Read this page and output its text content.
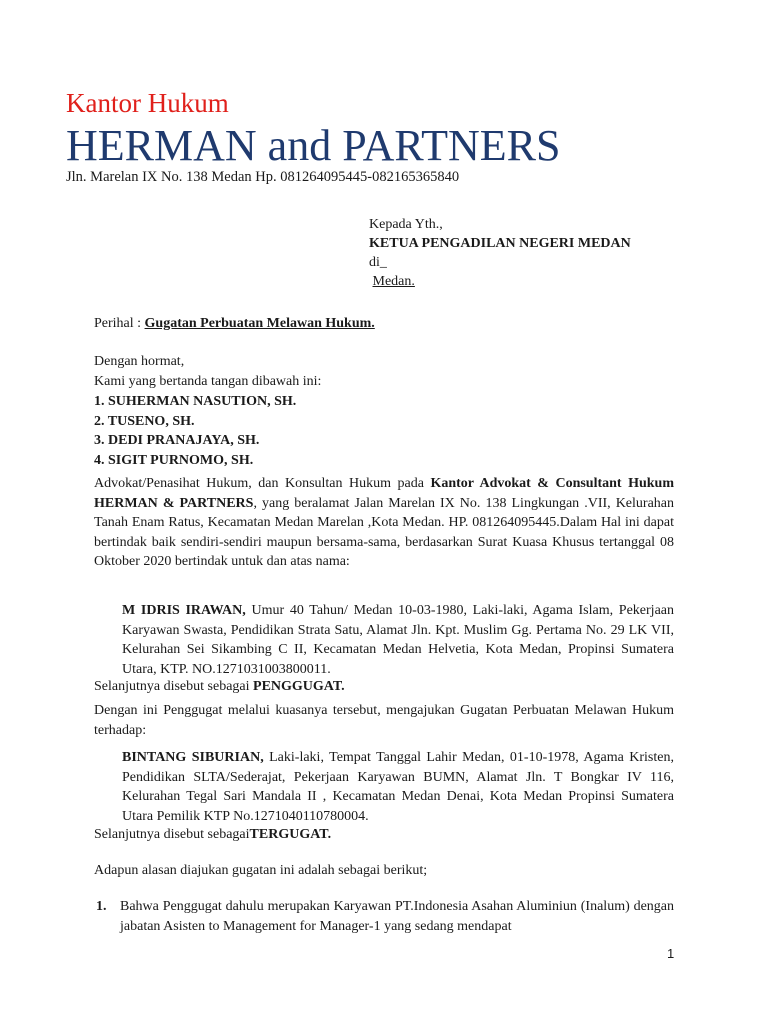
Kantor Hukum
HERMAN and PARTNERS
Jln. Marelan IX No. 138 Medan Hp. 081264095445-082165365840
Kepada Yth.,
KETUA PENGADILAN NEGERI MEDAN
di_
Medan.
Perihal : Gugatan Perbuatan Melawan Hukum.

Dengan hormat,

Kami yang bertanda tangan dibawah ini:

1. SUHERMAN NASUTION, SH.

2. TUSENO, SH.

3. DEDI PRANAJAYA, SH.

4. SIGIT PURNOMO, SH.

Advokat/Penasihat Hukum, dan Konsultan Hukum pada Kantor Advokat & Consultant Hukum HERMAN & PARTNERS, yang beralamat Jalan Marelan IX No. 138 Lingkungan .VII, Kelurahan Tanah Enam Ratus, Kecamatan Medan Marelan ,Kota Medan. HP. 081264095445.Dalam Hal ini dapat bertindak baik sendiri-sendiri maupun bersama-sama, berdasarkan Surat Kuasa Khusus tertanggal 08 Oktober 2020 bertindak untuk dan atas nama:
M IDRIS IRAWAN, Umur 40 Tahun/ Medan 10-03-1980, Laki-laki, Agama Islam, Pekerjaan Karyawan Swasta, Pendidikan Strata Satu, Alamat Jln. Kpt. Muslim Gg. Pertama No. 29 LK VII, Kelurahan Sei Sikambing C II, Kecamatan Medan Helvetia, Kota Medan, Propinsi Sumatera Utara, KTP. NO.1271031003800011.
Selanjutnya disebut sebagai PENGGUGAT.
Dengan ini Penggugat melalui kuasanya tersebut, mengajukan Gugatan Perbuatan Melawan Hukum terhadap:
BINTANG SIBURIAN, Laki-laki, Tempat Tanggal Lahir Medan, 01-10-1978, Agama Kristen, Pendidikan SLTA/Sederajat, Pekerjaan Karyawan BUMN, Alamat Jln. T Bongkar IV 116, Kelurahan Tegal Sari Mandala II , Kecamatan Medan Denai, Kota Medan Propinsi Sumatera Utara Pemilik KTP No.1271040110780004.
Selanjutnya disebut sebagaiTERGUGAT.
Adapun alasan diajukan gugatan ini adalah sebagai berikut;
1. Bahwa Penggugat dahulu merupakan Karyawan PT.Indonesia Asahan Aluminiun (Inalum) dengan jabatan Asisten to Management for Manager-1 yang sedang mendapat
1
